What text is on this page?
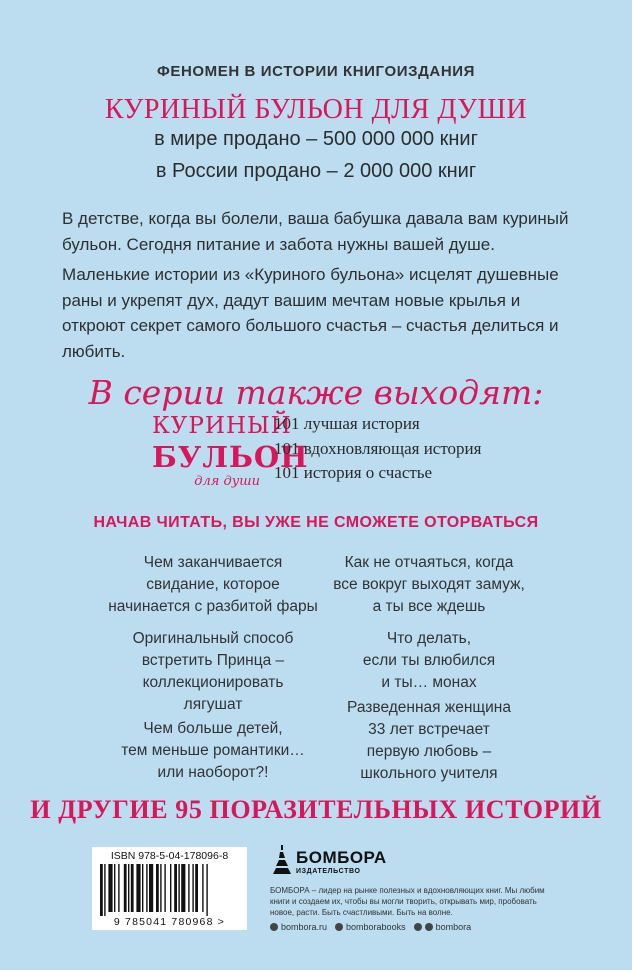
ФЕНОМЕН В ИСТОРИИ КНИГОИЗДАНИЯ
КУРИНЫЙ БУЛЬОН ДЛЯ ДУШИ
в мире продано – 500 000 000 книг
в России продано – 2 000 000 книг

В детстве, когда вы болели, ваша бабушка давала вам куриный бульон. Сегодня питание и забота нужны вашей душе.

Маленькие истории из «Куриного бульона» исцелят душевные раны и укрепят дух, дадут вашим мечтам новые крылья и откроют секрет самого большого счастья – счастья делиться и любить.

В серии также выходят:
КУРИНЫЙ
БУЛЬОН
для души
101 лучшая история
101 вдохновляющая история
101 история о счастье
НАЧАВ ЧИТАТЬ, ВЫ УЖЕ НЕ СМОЖЕТЕ ОТОРВАТЬСЯ
Чем заканчивается
свидание, которое
начинается с разбитой фары
Как не отчаяться, когда
все вокруг выходят замуж,
а ты все ждешь
Оригинальный способ
встретить Принца –
коллекционировать
лягушат
Что делать,
если ты влюбился
и ты… монах
Чем больше детей,
тем меньше романтики…
или наоборот?!
Разведенная женщина
33 лет встречает
первую любовь –
школьного учителя
И ДРУГИЕ 95 ПОРАЗИТЕЛЬНЫХ ИСТОРИЙ
ISBN 978-5-04-178096-8
9 785041 780968 >
БОМБОРА
ИЗДАТЕЛЬСТВО
БОМБОРА – лидер на рынке полезных и вдохновляющих книг. Мы любим книги и создаем их, чтобы вы могли творить, открывать мир, пробовать новое, расти. Быть счастливыми. Быть на волне.
bombora.ru bomborabooks	bombora
